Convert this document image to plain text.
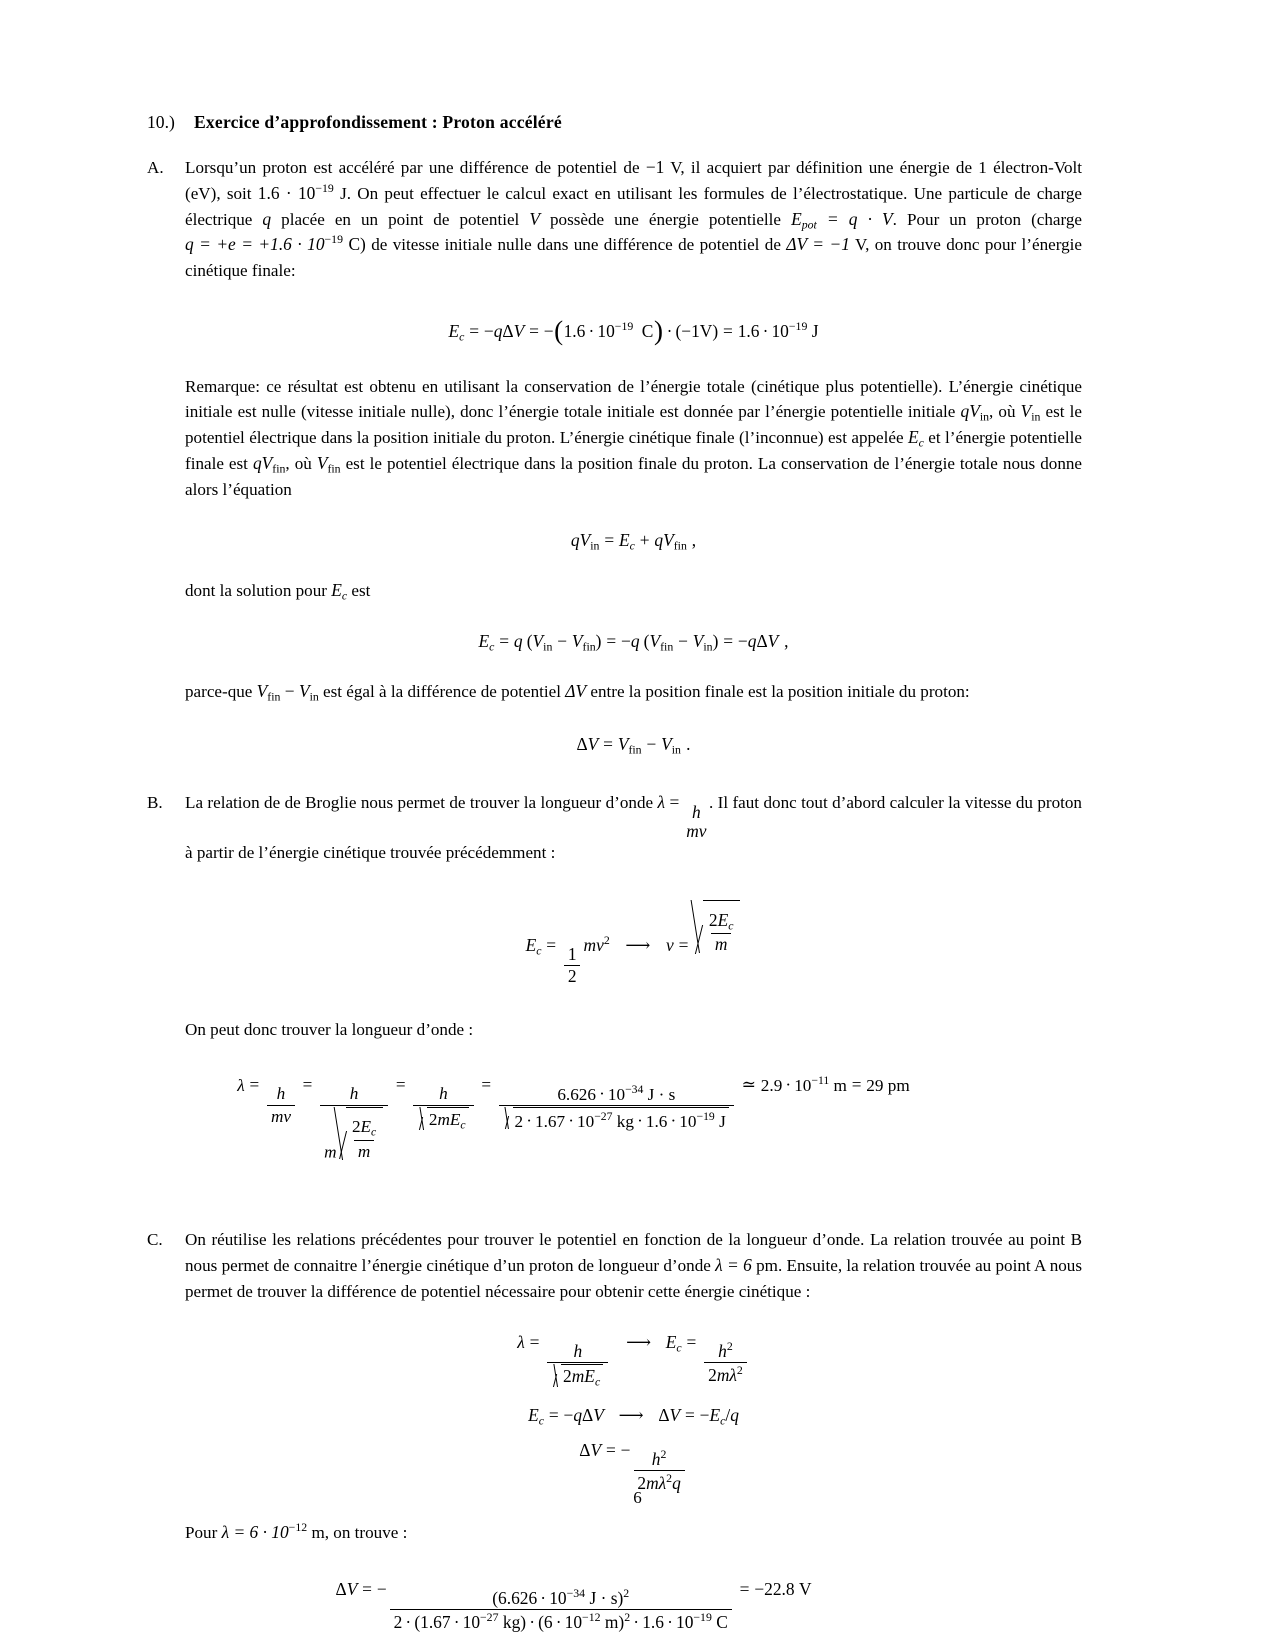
10.)	Exercice d’approfondissement : Proton accéléré
A.	Lorsqu’un proton est accéléré par une différence de potentiel de −1 V, il acquiert par définition une énergie de 1 électron-Volt (eV), soit $1.6 \cdot 10^{-19}$ J. On peut effectuer le calcul exact en utilisant les formules de l’électrostatique. Une particule de charge électrique q placée en un point de potentiel V possède une énergie potentielle $E_{pot} = q \cdot V$. Pour un proton (charge $q = +e = +1.6 \cdot 10^{-19}$ C) de vitesse initiale nulle dans une différence de potentiel de ΔV = −1 V, on trouve donc pour l’énergie cinétique finale:
$E_c = -q\Delta V = -(1.6 \cdot 10^{-19}$ $C) \cdot (-1V) = 1.6 \cdot 10^{-19}$ J
Remarque: ce résultat est obtenu en utilisant la conservation de l’énergie totale (cinétique plus potentielle). L’énergie cinétique initiale est nulle (vitesse initiale nulle), donc l’énergie totale initiale est donnée par l’énergie potentielle initiale $qV_{in}$, où $V_{in}$ est le potentiel électrique dans la position initiale du proton. L’énergie cinétique finale (l’inconnue) est appelée $E_c$ et l’énergie potentielle finale est $qV_{fin}$, où $V_{fin}$ est le potentiel électrique dans la position finale du proton. La conservation de l’énergie totale nous donne alors l’équation
$qV_{in} = E_c + qV_{fin}$ ,
dont la solution pour $E_c$ est
$E_c = q$ $(V_{in} - V_{fin}) = -q$ $(V_{fin} - V_{in}) = -q\Delta V$ ,
parce-que $V_{fin} - V_{in}$ est égal à la différence de potentiel ΔV entre la position finale est la position initiale du proton:
$\Delta V = V_{fin} - V_{in}$ .
B.	La relation de de Broglie nous permet de trouver la longueur d’onde λ = h
mv
. Il faut donc tout d’abord calculer la vitesse du proton à partir de l’énergie cinétique trouvée précédemment :
$E_c = \frac{1}{2} mv^2$ ⟶ $v = \frac{2E_c}{m}$
On peut donc trouver la longueur d’onde :
$\lambda = \frac{h}{mv} = \frac{h}{m \frac{2E_c}{m}} = \frac{h}{2mE_c} = \frac{6.626 \cdot 10^{-34} J \cdot s}{2 \cdot 1.67 \cdot 10^{-27} kg \cdot 1.6 \cdot 10^{-19} J}$ ≃ $2.9 \cdot 10^{-11}$ m = 29 pm
C.	On réutilise les relations précédentes pour trouver le potentiel en fonction de la longueur d’onde. La relation trouvée au point B nous permet de connaitre l’énergie cinétique d’un proton de longueur d’onde λ = 6 pm. Ensuite, la relation trouvée au point A nous permet de trouver la différence de potentiel nécessaire pour obtenir cette énergie cinétique :
λ =
$\frac{h}{2mE_c}$
⟶ $E_c = \frac{h^2}{2m\lambda^2}$
$E_c = -q\Delta V$ ⟶ $\Delta V = -E_c/q$
ΔV = − $\frac{h^2}{2m\lambda^2q}$
Pour $\lambda = 6 \cdot 10^{-12}$ m, on trouve :
ΔV = − $\frac{(6.626 \cdot 10^{-34} J \cdot s)^2}{2 \cdot (1.67 \cdot 10^{-27} kg) \cdot (6 \cdot 10^{-12} m)^2 \cdot 1.6 \cdot 10^{-19} C} = -22.8$ V
6
